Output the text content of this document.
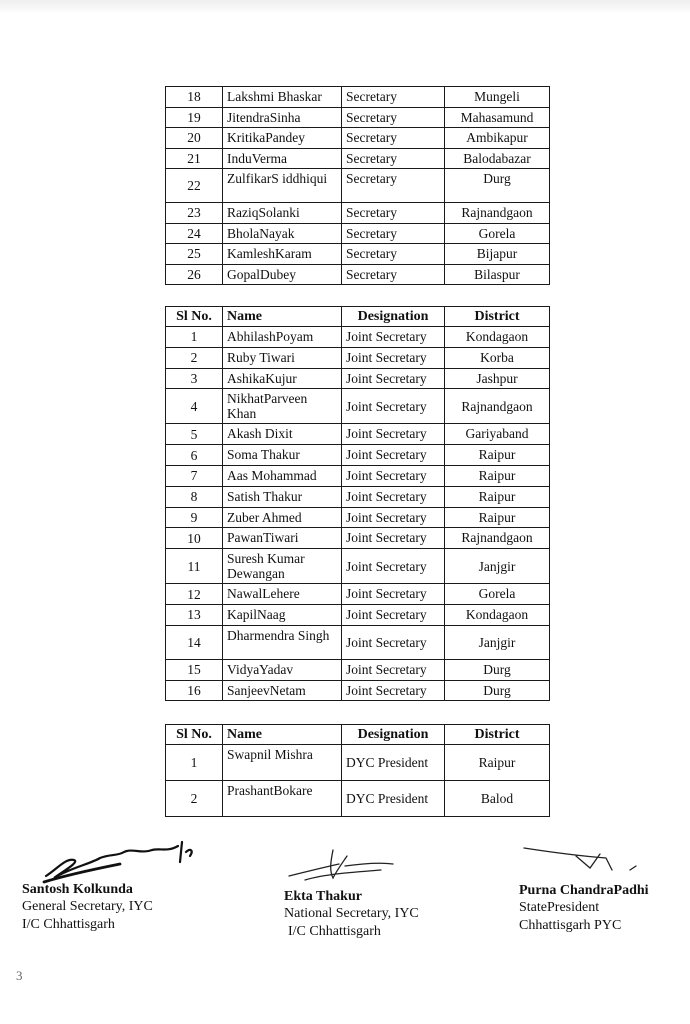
18	Lakshmi Bhaskar	Secretary	Mungeli
19	JitendraSinha	Secretary	Mahasamund
20	KritikaPandey	Secretary	Ambikapur
21	InduVerma	Secretary	Balodabazar
22	ZulfikarS iddhiqui	Secretary	Durg
23	RaziqSolanki	Secretary	Rajnandgaon
24	BholaNayak	Secretary	Gorela
25	KamleshKaram	Secretary	Bijapur
26	GopalDubey	Secretary	Bilaspur
Sl No.	Name	Designation	District
1	AbhilashPoyam	Joint Secretary	Kondagaon
2	Ruby Tiwari	Joint Secretary	Korba
3	AshikaKujur	Joint Secretary	Jashpur
4	NikhatParveen Khan	Joint Secretary	Rajnandgaon
5	Akash Dixit	Joint Secretary	Gariyaband
6	Soma Thakur	Joint Secretary	Raipur
7	Aas Mohammad	Joint Secretary	Raipur
8	Satish Thakur	Joint Secretary	Raipur
9	Zuber Ahmed	Joint Secretary	Raipur
10	PawanTiwari	Joint Secretary	Rajnandgaon
11	Suresh Kumar Dewangan	Joint Secretary	Janjgir
12	NawalLehere	Joint Secretary	Gorela
13	KapilNaag	Joint Secretary	Kondagaon
14	Dharmendra Singh	Joint Secretary	Janjgir
15	VidyaYadav	Joint Secretary	Durg
16	SanjeevNetam	Joint Secretary	Durg
Sl No.	Name	Designation	District
1	Swapnil Mishra	DYC President	Raipur
2	PrashantBokare	DYC President	Balod
Santosh Kolkunda
General Secretary, IYC
I/C Chhattisgarh
Ekta Thakur
National Secretary, IYC
I/C Chhattisgarh
Purna ChandraPadhi
StatePresident
Chhattisgarh PYC
3
